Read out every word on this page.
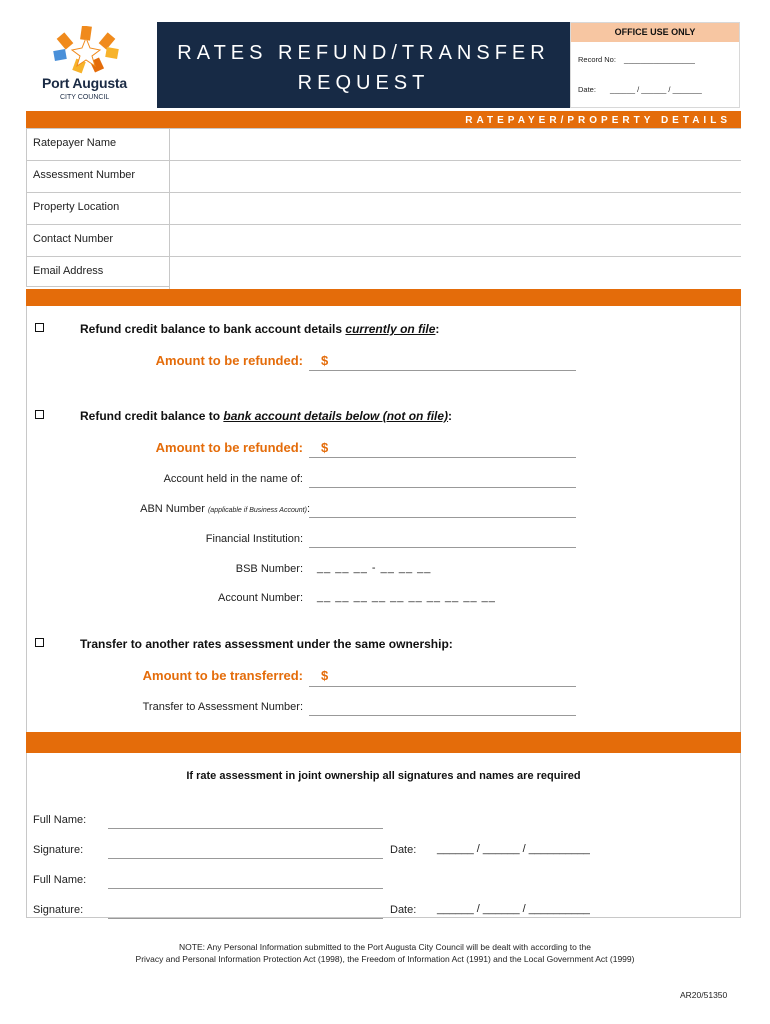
Port Augusta
CITY COUNCIL
RATES REFUND/TRANSFER
REQUEST
OFFICE USE ONLY
Record No: _________________
Date: ______ / ______ / _______
RATEPAYER/PROPERTY DETAILS
Ratepayer Name
Assessment Number
Property Location
Contact Number
Email Address
Refund credit balance to bank account details currently on file:
Amount to be refunded: $
Refund credit balance to bank account details below (not on file):
Amount to be refunded: $
Account held in the name of:
ABN Number (applicable if Business Account):
Financial Institution:
BSB Number: __ __ __ - __ __ __
Account Number: __ __ __ __ __ __ __ __ __ __
Transfer to another rates assessment under the same ownership:
Amount to be transferred: $
Transfer to Assessment Number:
If rate assessment in joint ownership all signatures and names are required
Full Name:
Signature:	Date: ______ / ______ / __________
Full Name:
Signature:	Date: ______ / ______ / __________
NOTE: Any Personal Information submitted to the Port Augusta City Council will be dealt with according to the
Privacy and Personal Information Protection Act (1998), the Freedom of Information Act (1991) and the Local Government Act (1999)
AR20/51350
